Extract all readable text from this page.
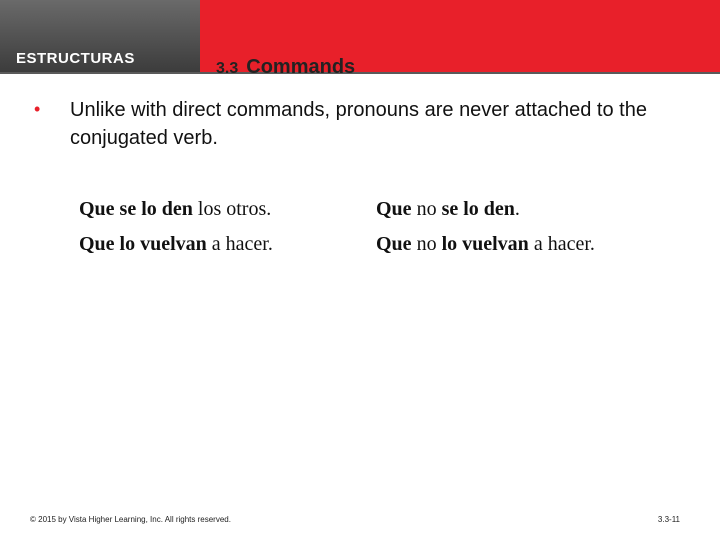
ESTRUCTURAS

3.3 Commands
•	Unlike with direct commands, pronouns are never attached to the conjugated verb.

Que se lo den los otros.

Que lo vuelvan a hacer.

Que no se lo den.

Que no lo vuelvan a hacer.

© 2015 by Vista Higher Learning, Inc. All rights reserved.	3.3-11
